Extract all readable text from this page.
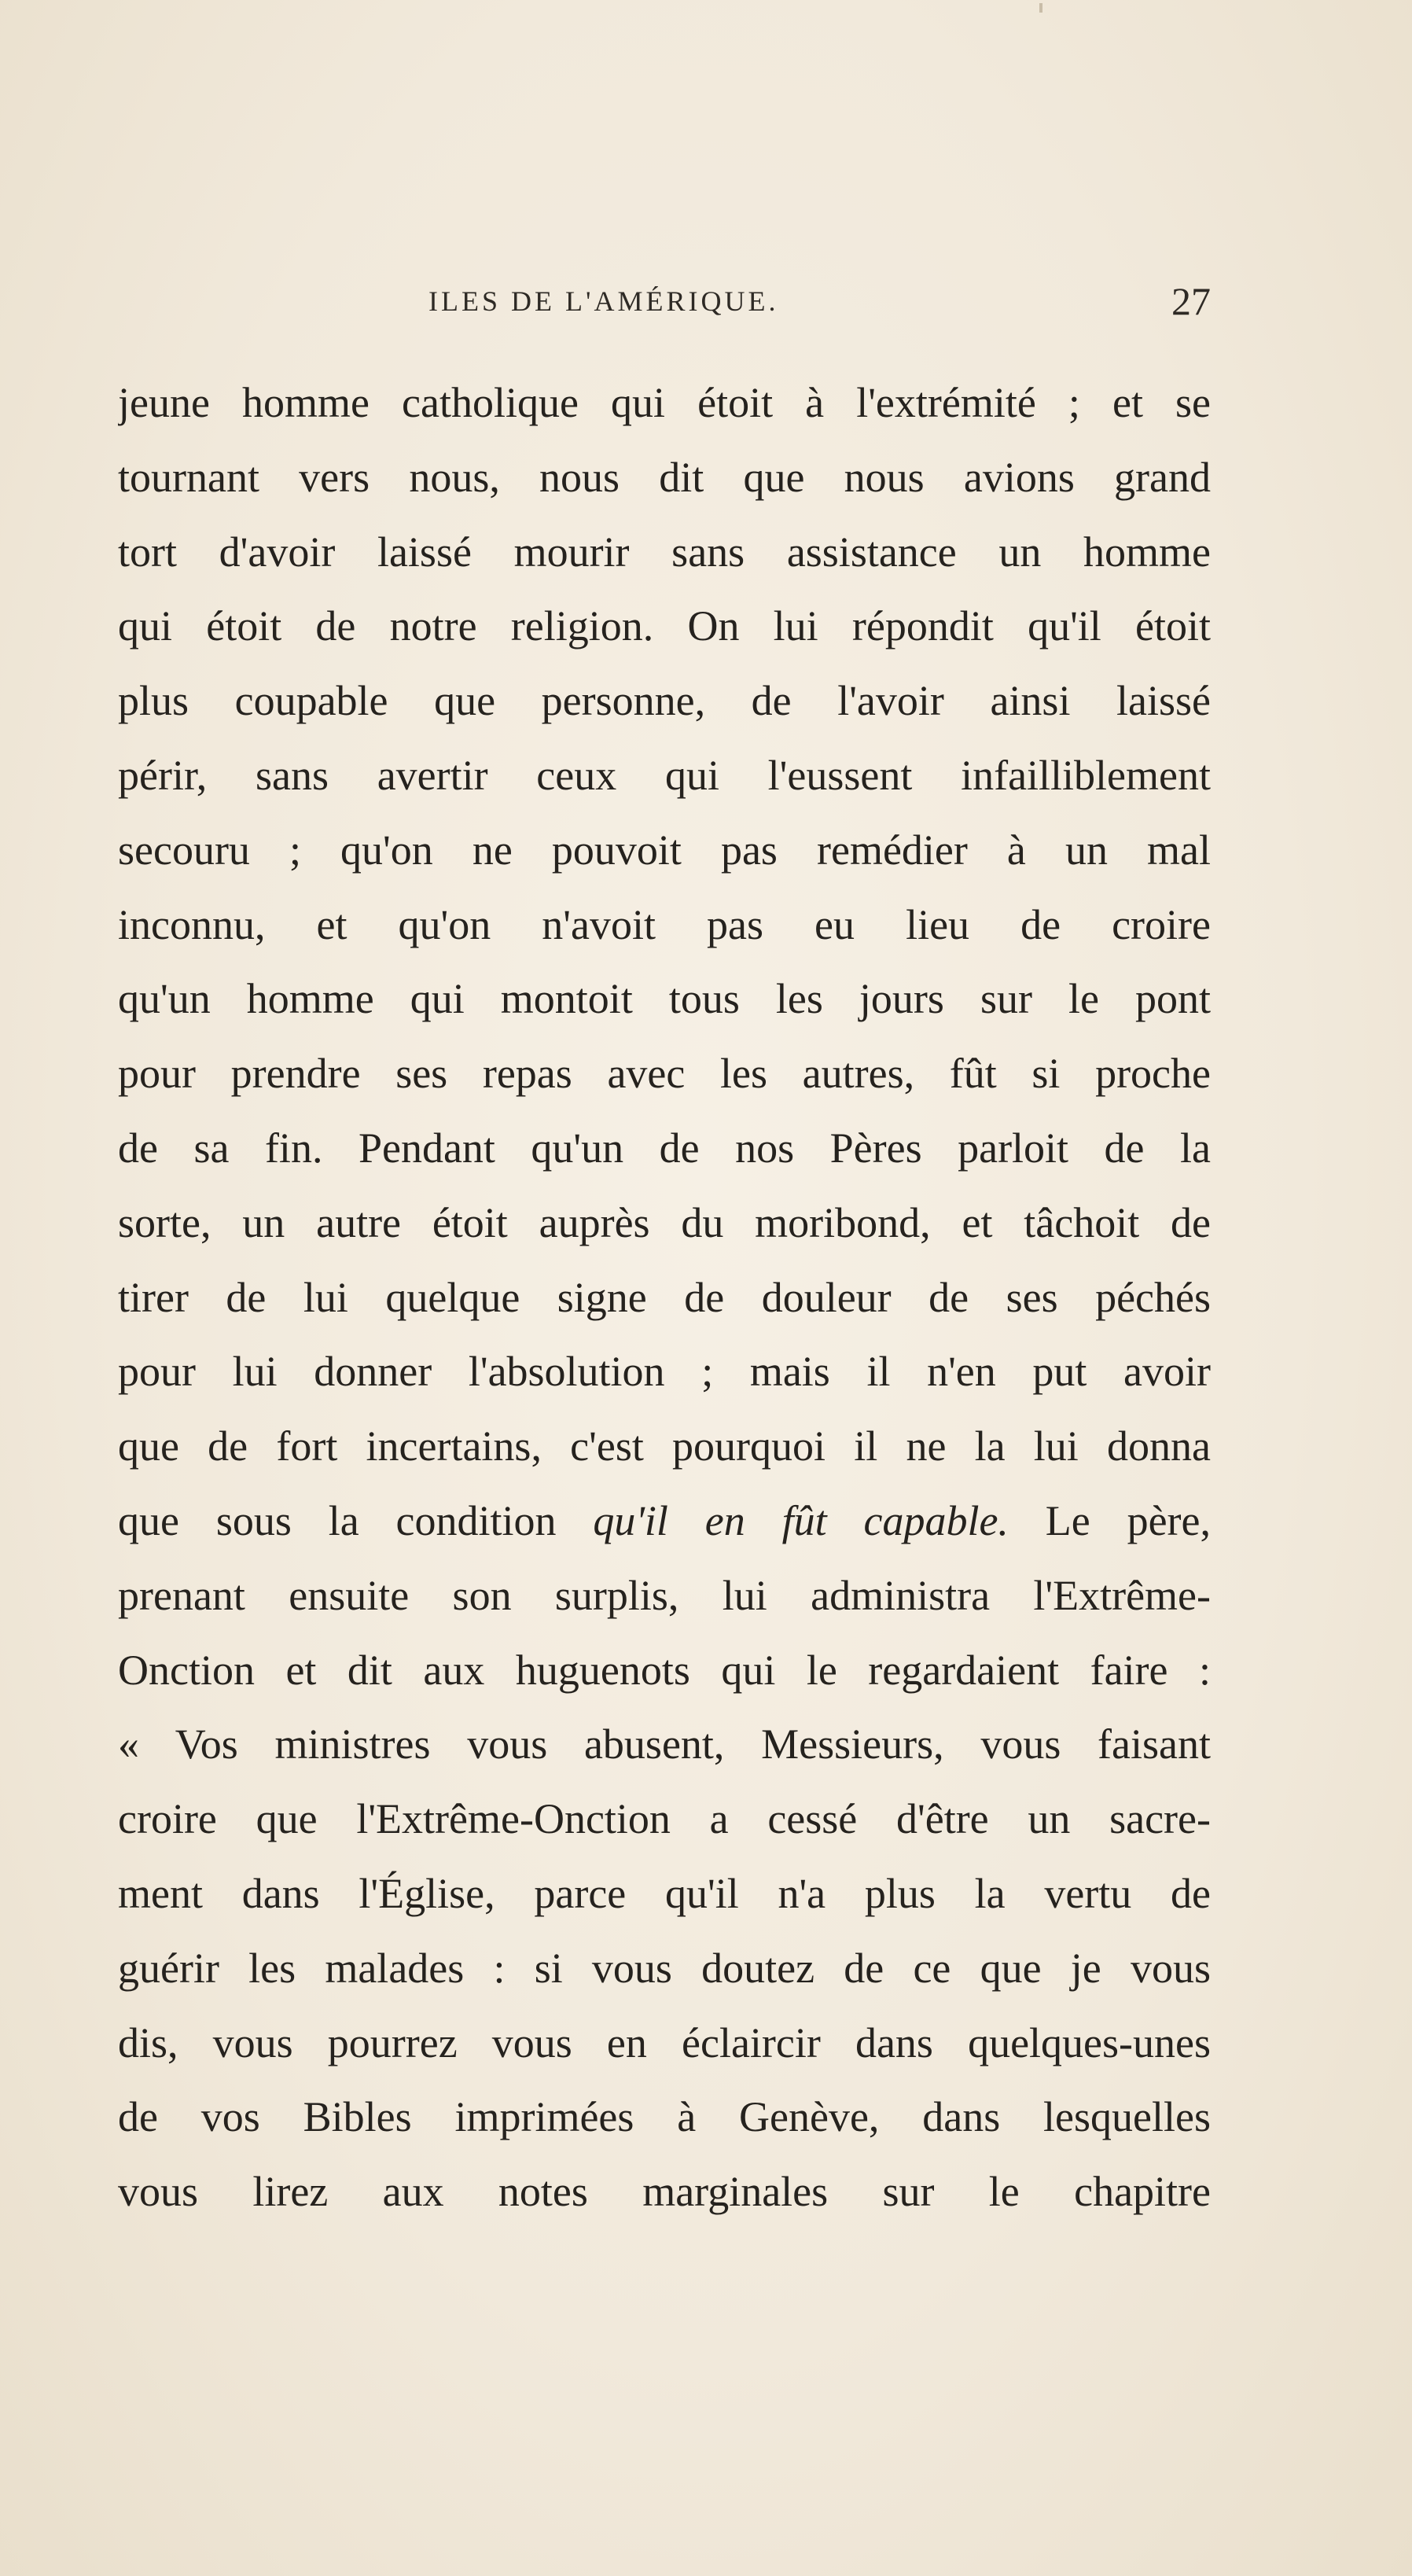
ILES DE L'AMÉRIQUE.	27
jeune homme catholique qui étoit à l'extrémité ; et se
tournant vers nous, nous dit que nous avions grand
tort d'avoir laissé mourir sans assistance un homme
qui étoit de notre religion. On lui répondit qu'il étoit
plus coupable que personne, de l'avoir ainsi laissé
périr, sans avertir ceux qui l'eussent infailliblement
secouru ; qu'on ne pouvoit pas remédier à un mal
inconnu, et qu'on n'avoit pas eu lieu de croire
qu'un homme qui montoit tous les jours sur le pont
pour prendre ses repas avec les autres, fût si proche
de sa fin. Pendant qu'un de nos Pères parloit de la
sorte, un autre étoit auprès du moribond, et tâchoit de
tirer de lui quelque signe de douleur de ses péchés
pour lui donner l'absolution ; mais il n'en put avoir
que de fort incertains, c'est pourquoi il ne la lui donna
que sous la condition qu'il en fût capable. Le père,
prenant ensuite son surplis, lui administra l'Extrême-
Onction et dit aux huguenots qui le regardaient faire :
« Vos ministres vous abusent, Messieurs, vous faisant
croire que l'Extrême-Onction a cessé d'être un sacre-
ment dans l'Église, parce qu'il n'a plus la vertu de
guérir les malades : si vous doutez de ce que je vous
dis, vous pourrez vous en éclaircir dans quelques-unes
de vos Bibles imprimées à Genève, dans lesquelles
vous lirez aux notes marginales sur le chapitre
